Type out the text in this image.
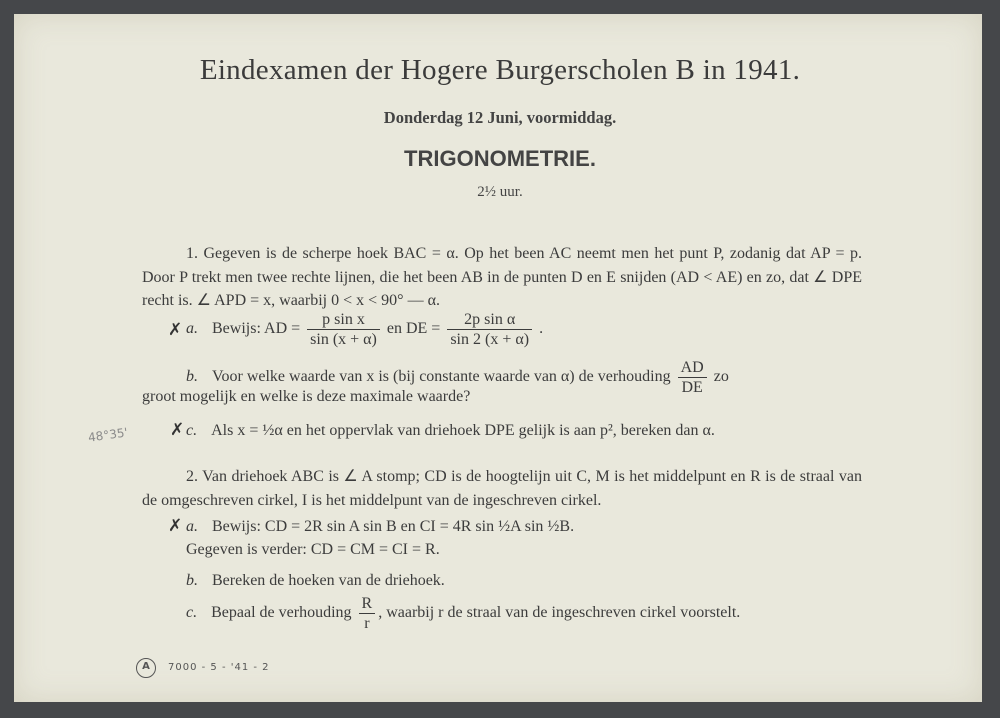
Eindexamen der Hogere Burgerscholen B in 1941.
Donderdag 12 Juni, voormiddag.
TRIGONOMETRIE.
2½ uur.
1. Gegeven is de scherpe hoek BAC = α. Op het been AC neemt men het punt P, zodanig dat AP = p. Door P trekt men twee rechte lijnen, die het been AB in de punten D en E snijden (AD < AE) en zo, dat ∠ DPE recht is. ∠ APD = x, waarbij 0 < x < 90° — α.
✗ a. Bewijs: AD = $\frac{\text{p sin x}}{\sin (x + \alpha)}$ en DE = $\frac{\text{2p sin α}}{\sin 2 (x + \alpha)}$ .
b. Voor welke waarde van x is (bij constante waarde van α) de verhouding $\frac{AD}{DE}$ zo
groot mogelijk en welke is deze maximale waarde?
48°35' ✗ c. Als x = ½α en het oppervlak van driehoek DPE gelijk is aan p², bereken dan α.
2. Van driehoek ABC is ∠ A stomp; CD is de hoogtelijn uit C, M is het middelpunt en R is de straal van de omgeschreven cirkel, I is het middelpunt van de ingeschreven cirkel.
✗ a. Bewijs: CD = 2R sin A sin B en CI = 4R sin ½A sin ½B.
Gegeven is verder: CD = CM = CI = R.
b. Bereken de hoeken van de driehoek.
c. Bepaal de verhouding $\frac{R}{r}$ , waarbij r de straal van de ingeschreven cirkel voorstelt.
A	7000 - 5 - '41 - 2
